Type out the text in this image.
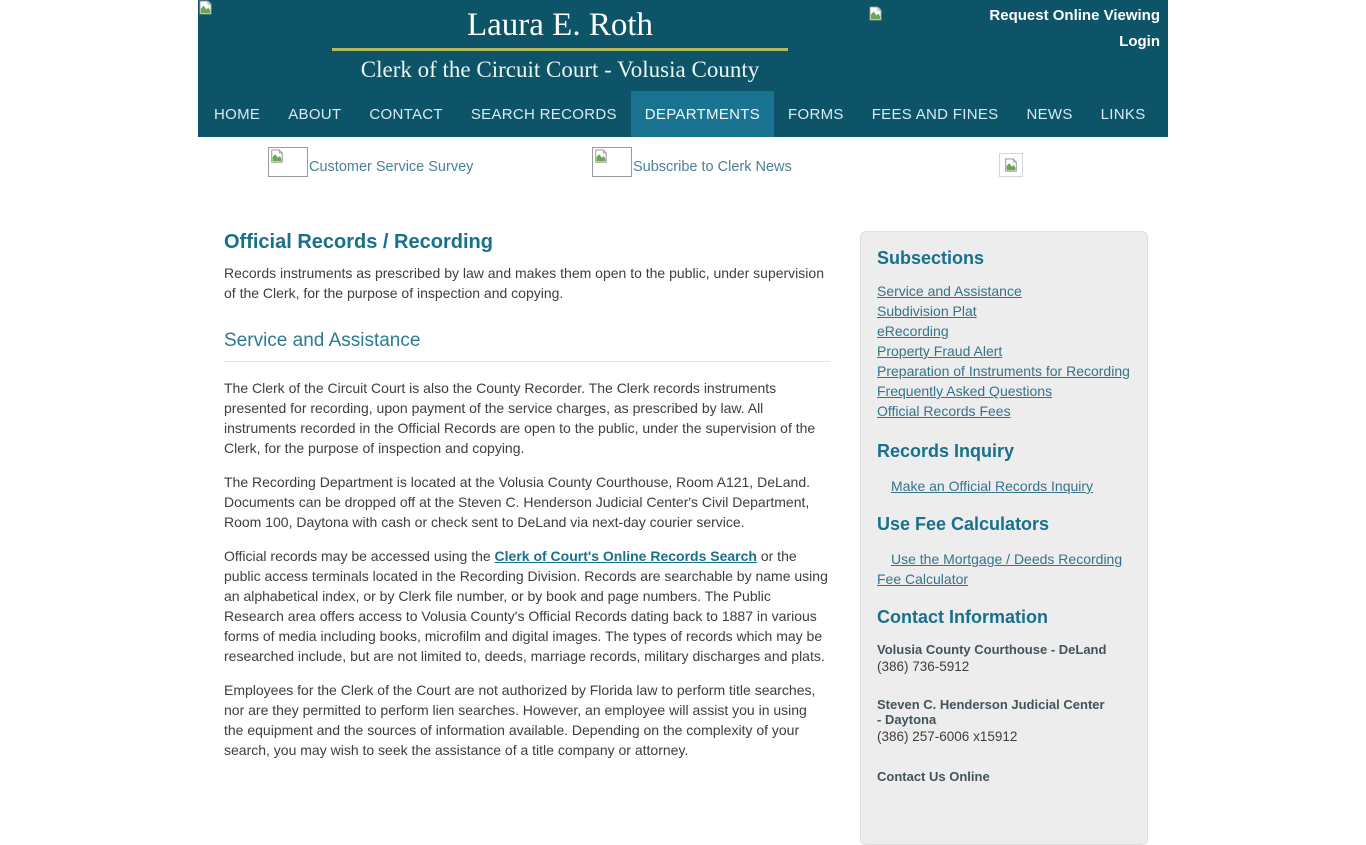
Laura E. Roth
Clerk of the Circuit Court - Volusia County
Request Online Viewing
Login
HOME	ABOUT	CONTACT	SEARCH RECORDS	DEPARTMENTS	FORMS	FEES AND FINES	NEWS	LINKS
Customer Service Survey	Subscribe to Clerk News
Official Records / Recording

Records instruments as prescribed by law and makes them open to the public, under supervision of the Clerk, for the purpose of inspection and copying.

Service and Assistance

The Clerk of the Circuit Court is also the County Recorder. The Clerk records instruments presented for recording, upon payment of the service charges, as prescribed by law. All instruments recorded in the Official Records are open to the public, under the supervision of the Clerk, for the purpose of inspection and copying.

The Recording Department is located at the Volusia County Courthouse, Room A121, DeLand. Documents can be dropped off at the Steven C. Henderson Judicial Center's Civil Department, Room 100, Daytona with cash or check sent to DeLand via next-day courier service.

Official records may be accessed using the Clerk of Court's Online Records Search or the public access terminals located in the Recording Division. Records are searchable by name using an alphabetical index, or by Clerk file number, or by book and page numbers. The Public Research area offers access to Volusia County's Official Records dating back to 1887 in various forms of media including books, microfilm and digital images. The types of records which may be researched include, but are not limited to, deeds, marriage records, military discharges and plats.

Employees for the Clerk of the Court are not authorized by Florida law to perform title searches, nor are they permitted to perform lien searches. However, an employee will assist you in using the equipment and the sources of information available. Depending on the complexity of your search, you may wish to seek the assistance of a title company or attorney.

Subsections
Service and Assistance
Subdivision Plat
eRecording
Property Fraud Alert
Preparation of Instruments for Recording
Frequently Asked Questions
Official Records Fees
Records Inquiry
Make an Official Records Inquiry
Use Fee Calculators
Use the Mortgage / Deeds Recording Fee Calculator
Contact Information
Volusia County Courthouse - DeLand
(386) 736-5912
Steven C. Henderson Judicial Center - Daytona
(386) 257-6006 x15912
Contact Us Online
